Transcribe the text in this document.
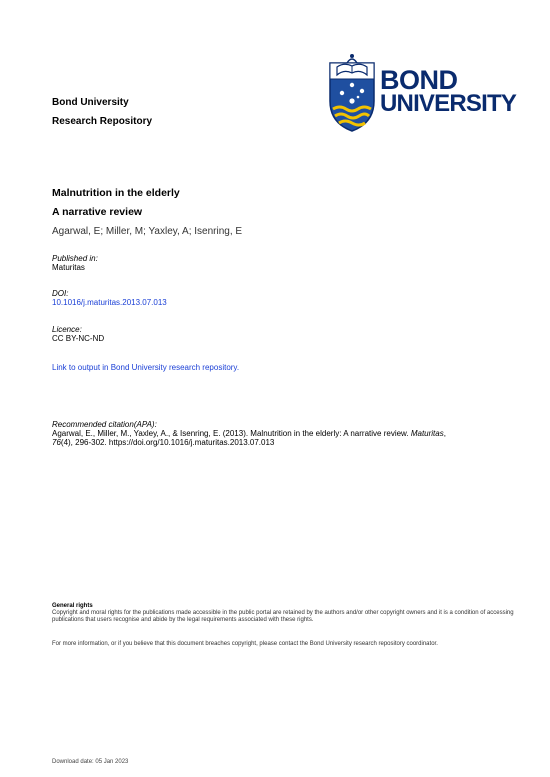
BOND
UNIVERSITY
Bond University
Research Repository
Malnutrition in the elderly
A narrative review
Agarwal, E; Miller, M; Yaxley, A; Isenring, E
Published in:
Maturitas
DOI:
10.1016/j.maturitas.2013.07.013
Licence:
CC BY-NC-ND
Link to output in Bond University research repository.
Recommended citation(APA):
Agarwal, E., Miller, M., Yaxley, A., & Isenring, E. (2013). Malnutrition in the elderly: A narrative review. Maturitas,
76(4), 296-302. https://doi.org/10.1016/j.maturitas.2013.07.013
General rights
Copyright and moral rights for the publications made accessible in the public portal are retained by the authors and/or other copyright owners and it is a condition of accessing publications that users recognise and abide by the legal requirements associated with these rights.
For more information, or if you believe that this document breaches copyright, please contact the Bond University research repository coordinator.
Download date: 05 Jan 2023
